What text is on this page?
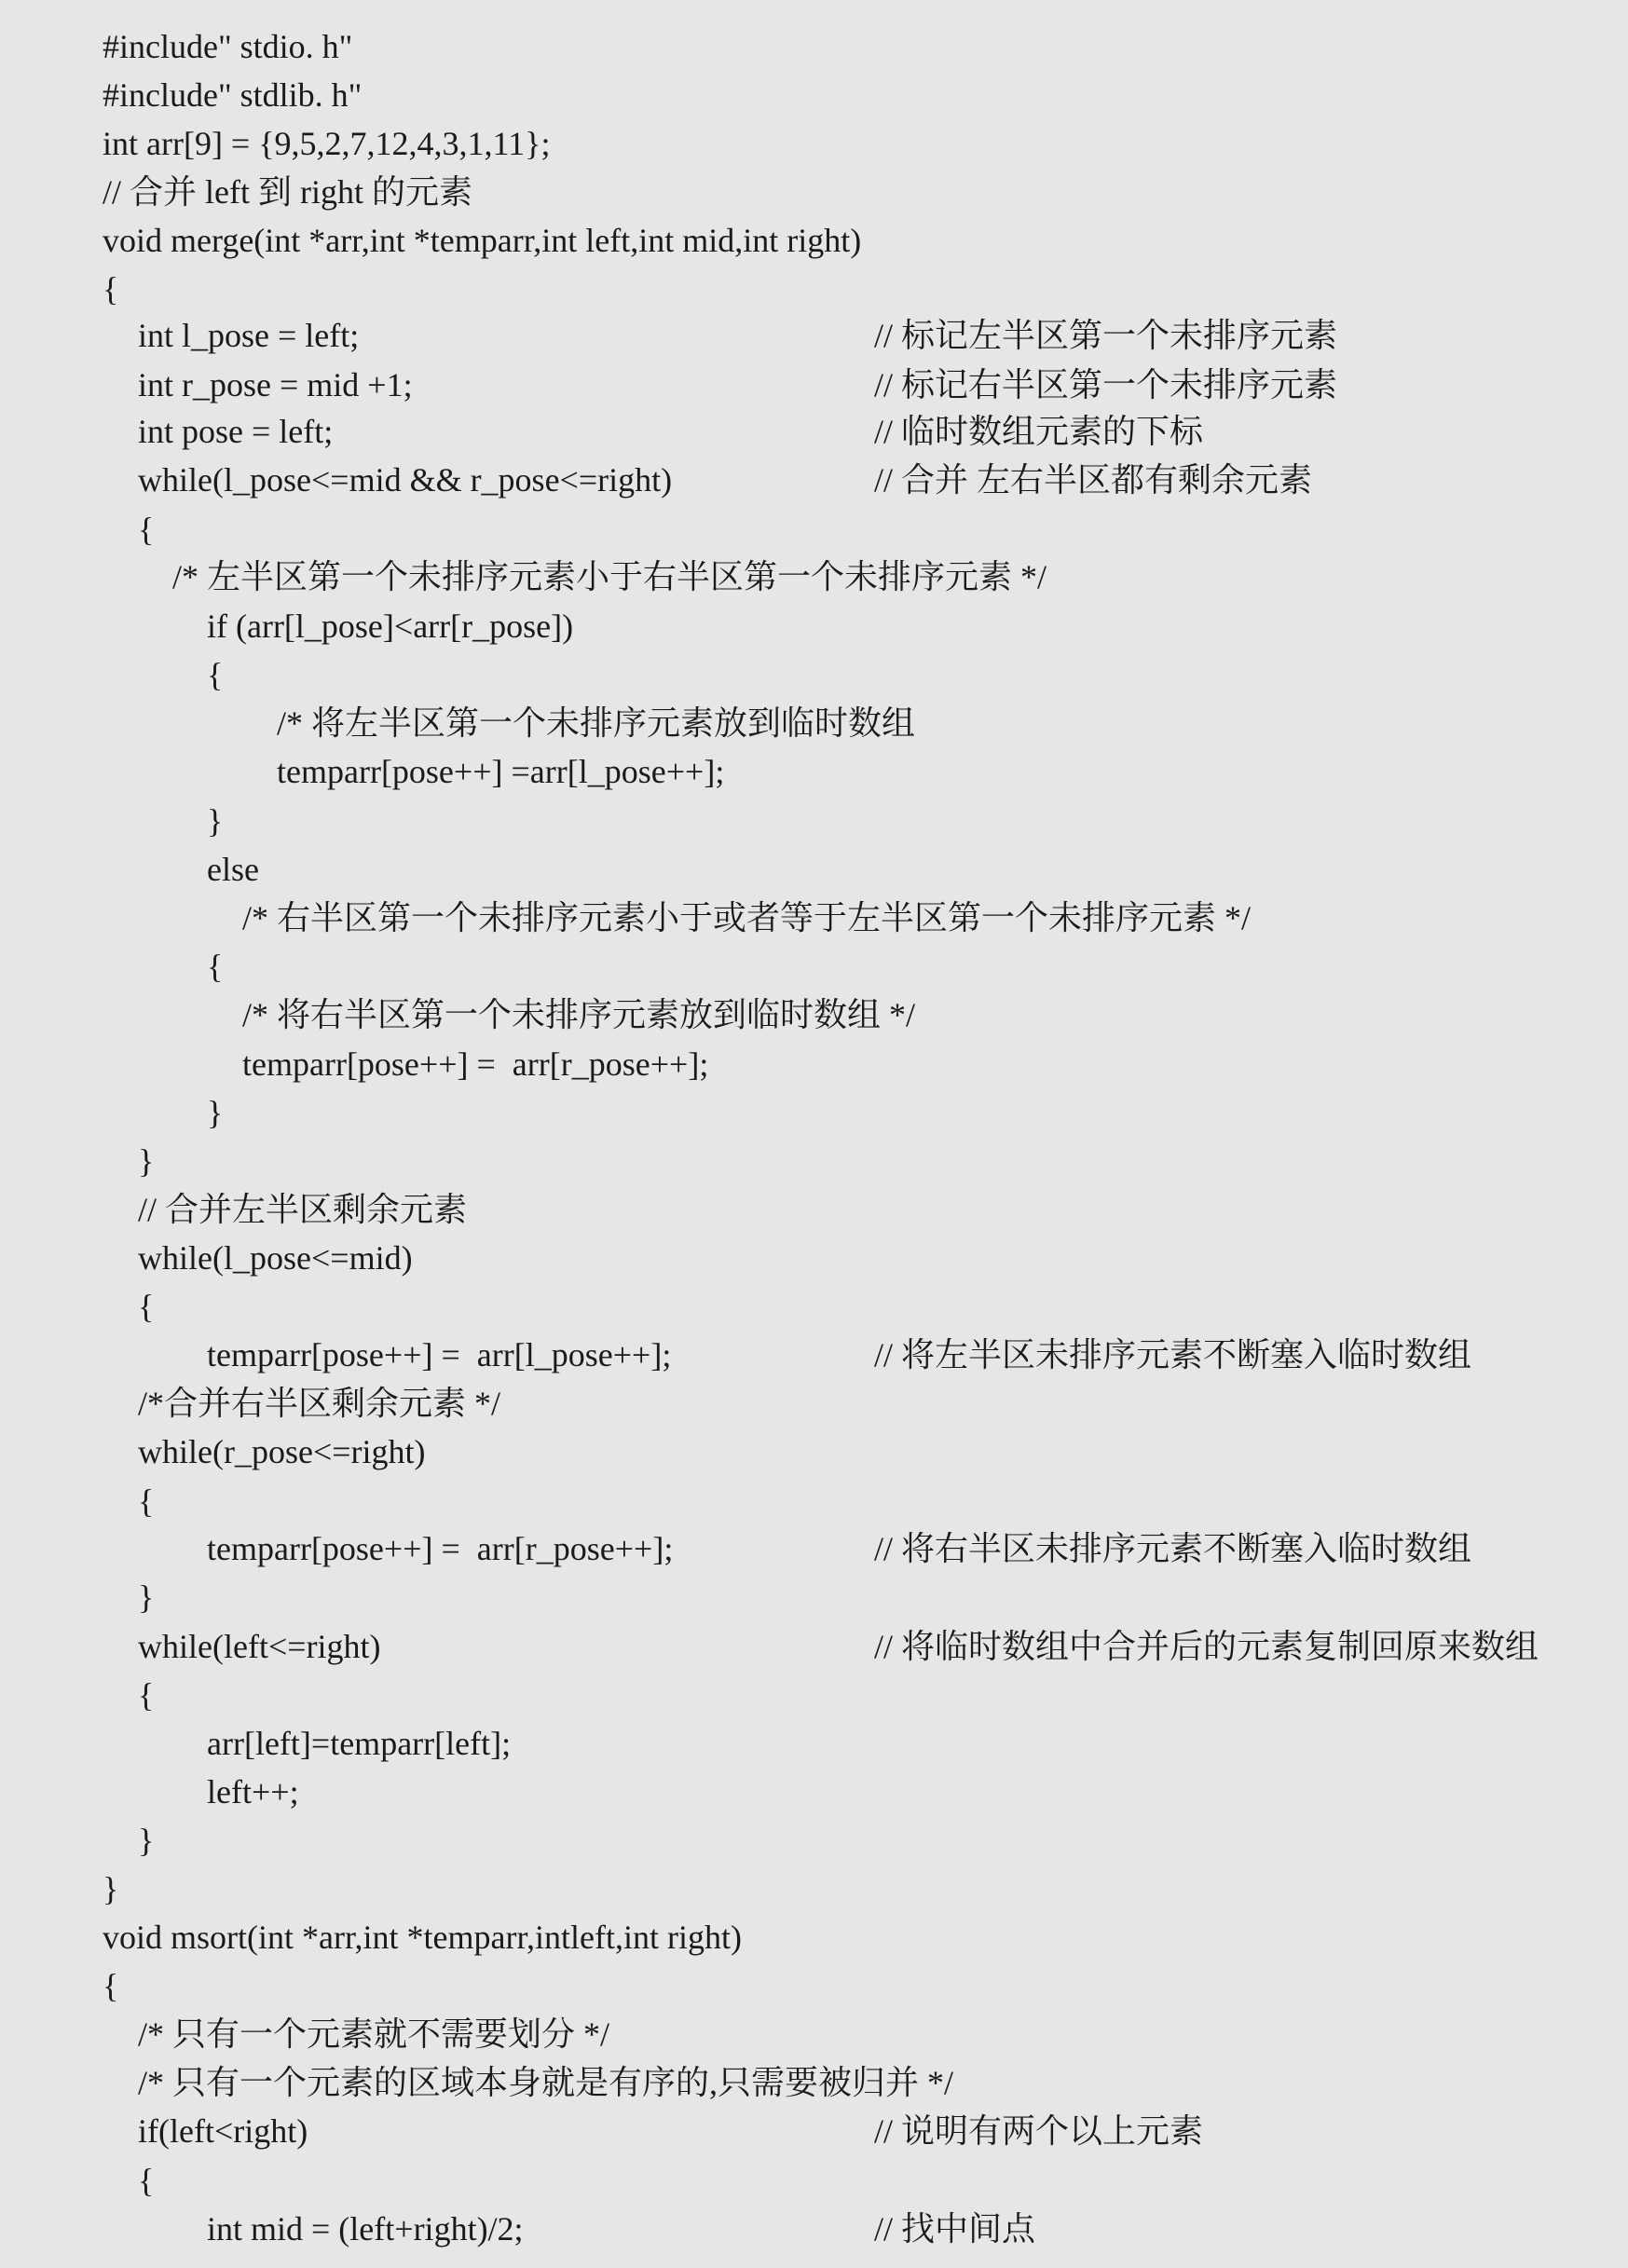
#include" stdio. h"
#include" stdlib. h"
int arr[9] = {9,5,2,7,12,4,3,1,11};
// 合并 left 到 right 的元素
void merge(int *arr,int *temparr,int left,int mid,int right)
{
int l_pose = left;	// 标记左半区第一个未排序元素
int r_pose = mid +1;	// 标记右半区第一个未排序元素
int pose = left;	// 临时数组元素的下标
while(l_pose<=mid && r_pose<=right)	// 合并 左右半区都有剩余元素
{
/* 左半区第一个未排序元素小于右半区第一个未排序元素 */
if (arr[l_pose]<arr[r_pose])
{
/* 将左半区第一个未排序元素放到临时数组
temparr[pose++] =arr[l_pose++];
}
else
/* 右半区第一个未排序元素小于或者等于左半区第一个未排序元素 */
{
/* 将右半区第一个未排序元素放到临时数组 */
temparr[pose++] =  arr[r_pose++];
}
}
// 合并左半区剩余元素
while(l_pose<=mid)
{
temparr[pose++] =  arr[l_pose++];	// 将左半区未排序元素不断塞入临时数组
/*合并右半区剩余元素 */
while(r_pose<=right)
{
temparr[pose++] =  arr[r_pose++];	// 将右半区未排序元素不断塞入临时数组
}
while(left<=right)	// 将临时数组中合并后的元素复制回原来数组
{
arr[left]=temparr[left];
left++;
}
}
void msort(int *arr,int *temparr,intleft,int right)
{
/* 只有一个元素就不需要划分 */
/* 只有一个元素的区域本身就是有序的,只需要被归并 */
if(left<right)	// 说明有两个以上元素
{
int mid = (left+right)/2;	// 找中间点
